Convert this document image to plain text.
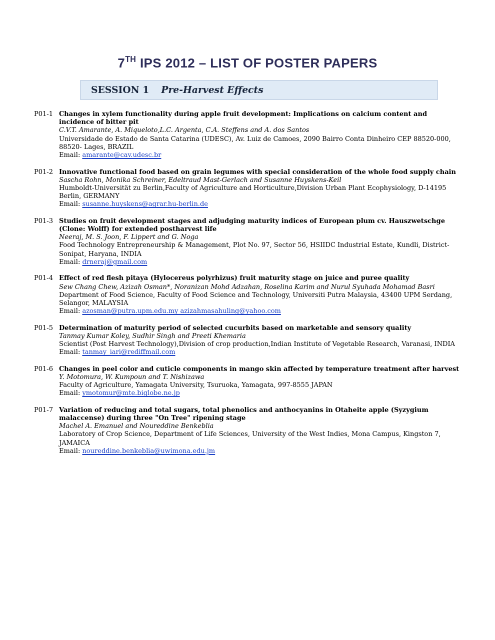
7TH IPS 2012 – LIST OF POSTER PAPERS
SESSION 1 Pre-Harvest Effects
P01-1 Changes in xylem functionality during apple fruit development: Implications on calcium content and incidence of bitter pit
C.V.T. Amarante, A. Miqueloto,L.C. Argenta, C.A. Steffens and A. dos Santos
Universidade do Estado de Santa Catarina (UDESC), Av. Luiz de Camoes, 2090 Bairro Conta Dinheiro CEP 88520-000, 88520- Lages, BRAZIL
Email: amarante@cav.udesc.br
P01-2 Innovative functional food based on grain legumes with special consideration of the whole food supply chain
Sascha Rohn, Monika Schreiner, Edeltraud Mast-Gerlach and Susanne Huyskens-Keil
Humboldt-Universität zu Berlin,Faculty of Agriculture and Horticulture,Division Urban Plant Ecophysiology, D-14195 Berlin, GERMANY
Email: susanne.huyskens@agrar.hu-berlin.de
P01-3 Studies on fruit development stages and adjudging maturity indices of European plum cv. Hauszwetschge (Clone: Wolff) for extended postharvest life
Neeraj, M. S. Joon, F. Lippert and G. Noga
Food Technology Entrepreneurship & Management, Plot No. 97, Sector 56, HSIIDC Industrial Estate, Kundli, District- Sonipat, Haryana, INDIA
Email: drneraj@gmail.com
P01-4 Effect of red flesh pitaya (Hylocereus polyrhizus) fruit maturity stage on juice and puree quality
Sew Chang Chew, Azizah Osman*, Noranizan Mohd Adzahan, Roselina Karim and Nurul Syuhada Mohamad Basri
Department of Food Science, Faculty of Food Science and Technology, Universiti Putra Malaysia, 43400 UPM Serdang, Selangor, MALAYSIA
Email: azosman@putra.upm.edu.my azizahmasahuling@yahoo.com
P01-5 Determination of maturity period of selected cucurbits based on marketable and sensory quality
Tanmay Kumar Koley, Sudhir Singh and Preeti Khemaria
Scientist (Post Harvest Technology),Division of crop production,Indian Institute of Vegetable Research, Varanasi, INDIA
Email: tanmay_iari@rediffmail.com
P01-6 Changes in peel color and cuticle components in mango skin affected by temperature treatment after harvest
Y. Motomura, W. Kumpoun and T. Nishizawa
Faculty of Agriculture, Yamagata University, Tsuruoka, Yamagata, 997-8555 JAPAN
Email: ymotomur@mte.biglobe.ne.jp
P01-7 Variation of reducing and total sugars, total phenolics and anthocyanins in Otaheite apple (Syzygium malaccense) during three "On Tree" ripening stage
Machel A. Emanuel and Noureddine Benkeblia
Laboratory of Crop Science, Department of Life Sciences, University of the West Indies, Mona Campus, Kingston 7, JAMAICA
Email: noureddine.benkeblia@uwimona.edu.jm
